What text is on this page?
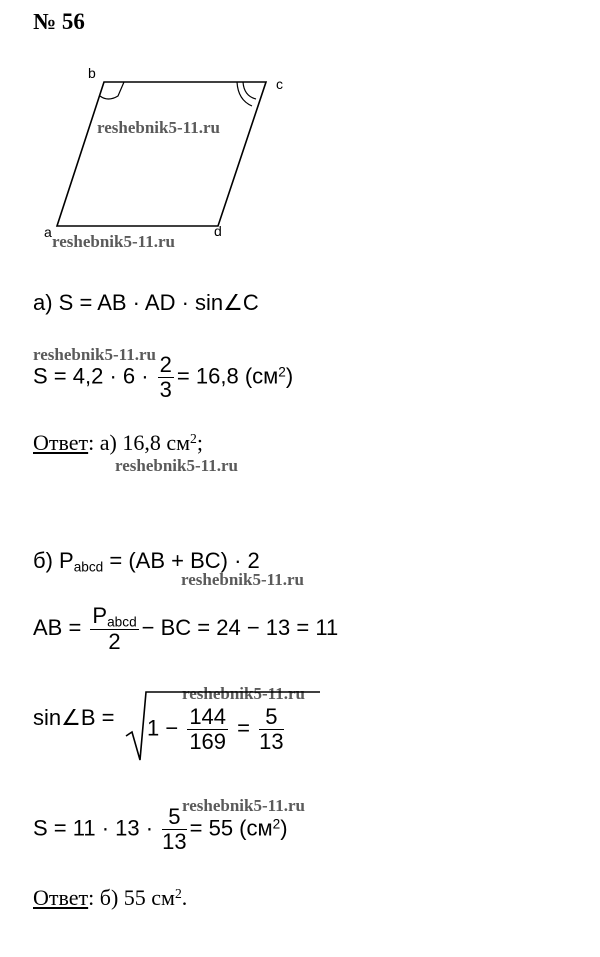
№ 56
b
c
a	d
reshebnik5-11.ru
reshebnik5-11.ru
reshebnik5-11.ru
reshebnik5-11.ru
reshebnik5-11.ru
reshebnik5-11.ru
reshebnik5-11.ru
а) S = AB · AD · sin∠C
$S = 4,2 \cdot 6 \cdot \frac{2}{3} = 16,8$ $(см^2)$
Ответ: а) 16,8 $см^2$;
б) $P_{abcd} = (AB + BC) \cdot 2$
AB = $\frac{P_{abcd}}{2}$ − BC = 24 − 13 = 11
sin∠B = $1 - \frac{144}{169} = \frac{5}{13}$
$S = 11 \cdot 13 \cdot \frac{5}{13} = 55$ $(см^2)$
Ответ: б) 55 $см^2$.
